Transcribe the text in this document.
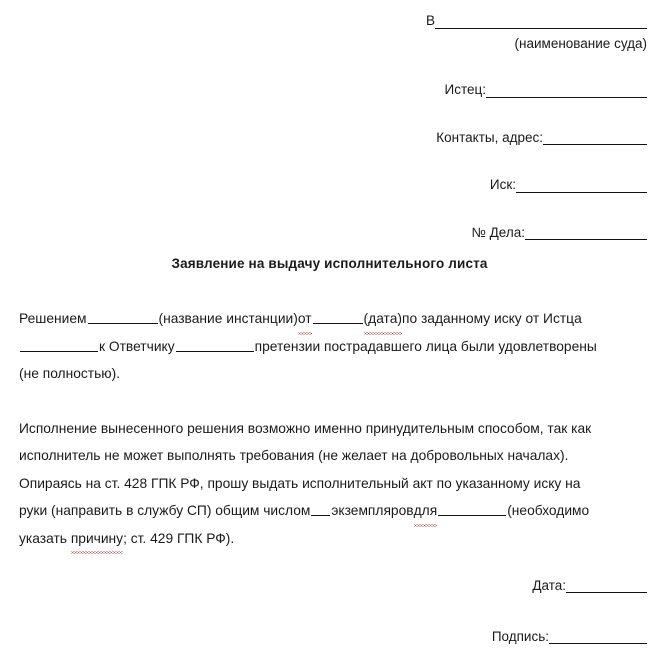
В
(наименование суда)
Истец:
Контакты, адрес:
Иск:
№ Дела:
Заявление на выдачу исполнительного листа

Решением	(название инстанции)от	(дата)по заданному иску от Истца
к Ответчику	претензии пострадавшего лица были удовлетворены
(не полностью).

Исполнение вынесенного решения возможно именно принудительным способом, так как
исполнитель не может выполнять требования (не желает на добровольных началах).
Опираясь на ст. 428 ГПК РФ, прошу выдать исполнительный акт по указанному иску на
руки (направить в службу СП) общим числом экземпляровдля	(необходимо
указать причину; ст. 429 ГПК РФ).

Дата:
Подпись:
